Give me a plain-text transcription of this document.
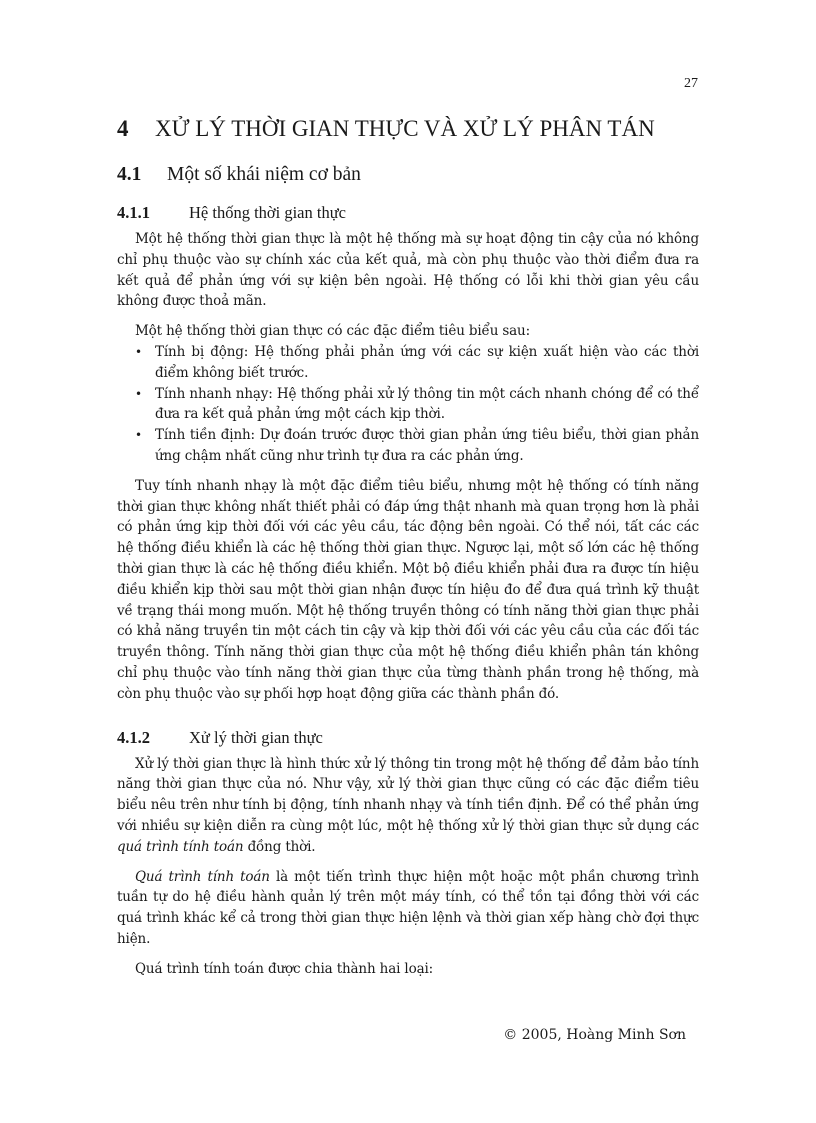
27
4 XỬ LÝ THỜI GIAN THỰC VÀ XỬ LÝ PHÂN TÁN
4.1 Một số khái niệm cơ bản
4.1.1 Hệ thống thời gian thực

Một hệ thống thời gian thực là một hệ thống mà sự hoạt động tin cậy của nó không chỉ phụ thuộc vào sự chính xác của kết quả, mà còn phụ thuộc vào thời điểm đưa ra kết quả để phản ứng với sự kiện bên ngoài. Hệ thống có lỗi khi thời gian yêu cầu không được thoả mãn.

Một hệ thống thời gian thực có các đặc điểm tiêu biểu sau:

• Tính bị động: Hệ thống phải phản ứng với các sự kiện xuất hiện vào các thời điểm không biết trước.
• Tính nhanh nhạy: Hệ thống phải xử lý thông tin một cách nhanh chóng để có thể đưa ra kết quả phản ứng một cách kịp thời.
• Tính tiền định: Dự đoán trước được thời gian phản ứng tiêu biểu, thời gian phản ứng chậm nhất cũng như trình tự đưa ra các phản ứng.

Tuy tính nhanh nhạy là một đặc điểm tiêu biểu, nhưng một hệ thống có tính năng thời gian thực không nhất thiết phải có đáp ứng thật nhanh mà quan trọng hơn là phải có phản ứng kịp thời đối với các yêu cầu, tác động bên ngoài. Có thể nói, tất các các hệ thống điều khiển là các hệ thống thời gian thực. Ngược lại, một số lớn các hệ thống thời gian thực là các hệ thống điều khiển. Một bộ điều khiển phải đưa ra được tín hiệu điều khiển kịp thời sau một thời gian nhận được tín hiệu đo để đưa quá trình kỹ thuật về trạng thái mong muốn. Một hệ thống truyền thông có tính năng thời gian thực phải có khả năng truyền tin một cách tin cậy và kịp thời đối với các yêu cầu của các đối tác truyền thông. Tính năng thời gian thực của một hệ thống điều khiển phân tán không chỉ phụ thuộc vào tính năng thời gian thực của từng thành phần trong hệ thống, mà còn phụ thuộc vào sự phối hợp hoạt động giữa các thành phần đó.

4.1.2 Xử lý thời gian thực

Xử lý thời gian thực là hình thức xử lý thông tin trong một hệ thống để đảm bảo tính năng thời gian thực của nó. Như vậy, xử lý thời gian thực cũng có các đặc điểm tiêu biểu nêu trên như tính bị động, tính nhanh nhạy và tính tiền định. Để có thể phản ứng với nhiều sự kiện diễn ra cùng một lúc, một hệ thống xử lý thời gian thực sử dụng các quá trình tính toán đồng thời.

Quá trình tính toán là một tiến trình thực hiện một hoặc một phần chương trình tuần tự do hệ điều hành quản lý trên một máy tính, có thể tồn tại đồng thời với các quá trình khác kể cả trong thời gian thực hiện lệnh và thời gian xếp hàng chờ đợi thực hiện.

Quá trình tính toán được chia thành hai loại:

© 2005, Hoàng Minh Sơn
